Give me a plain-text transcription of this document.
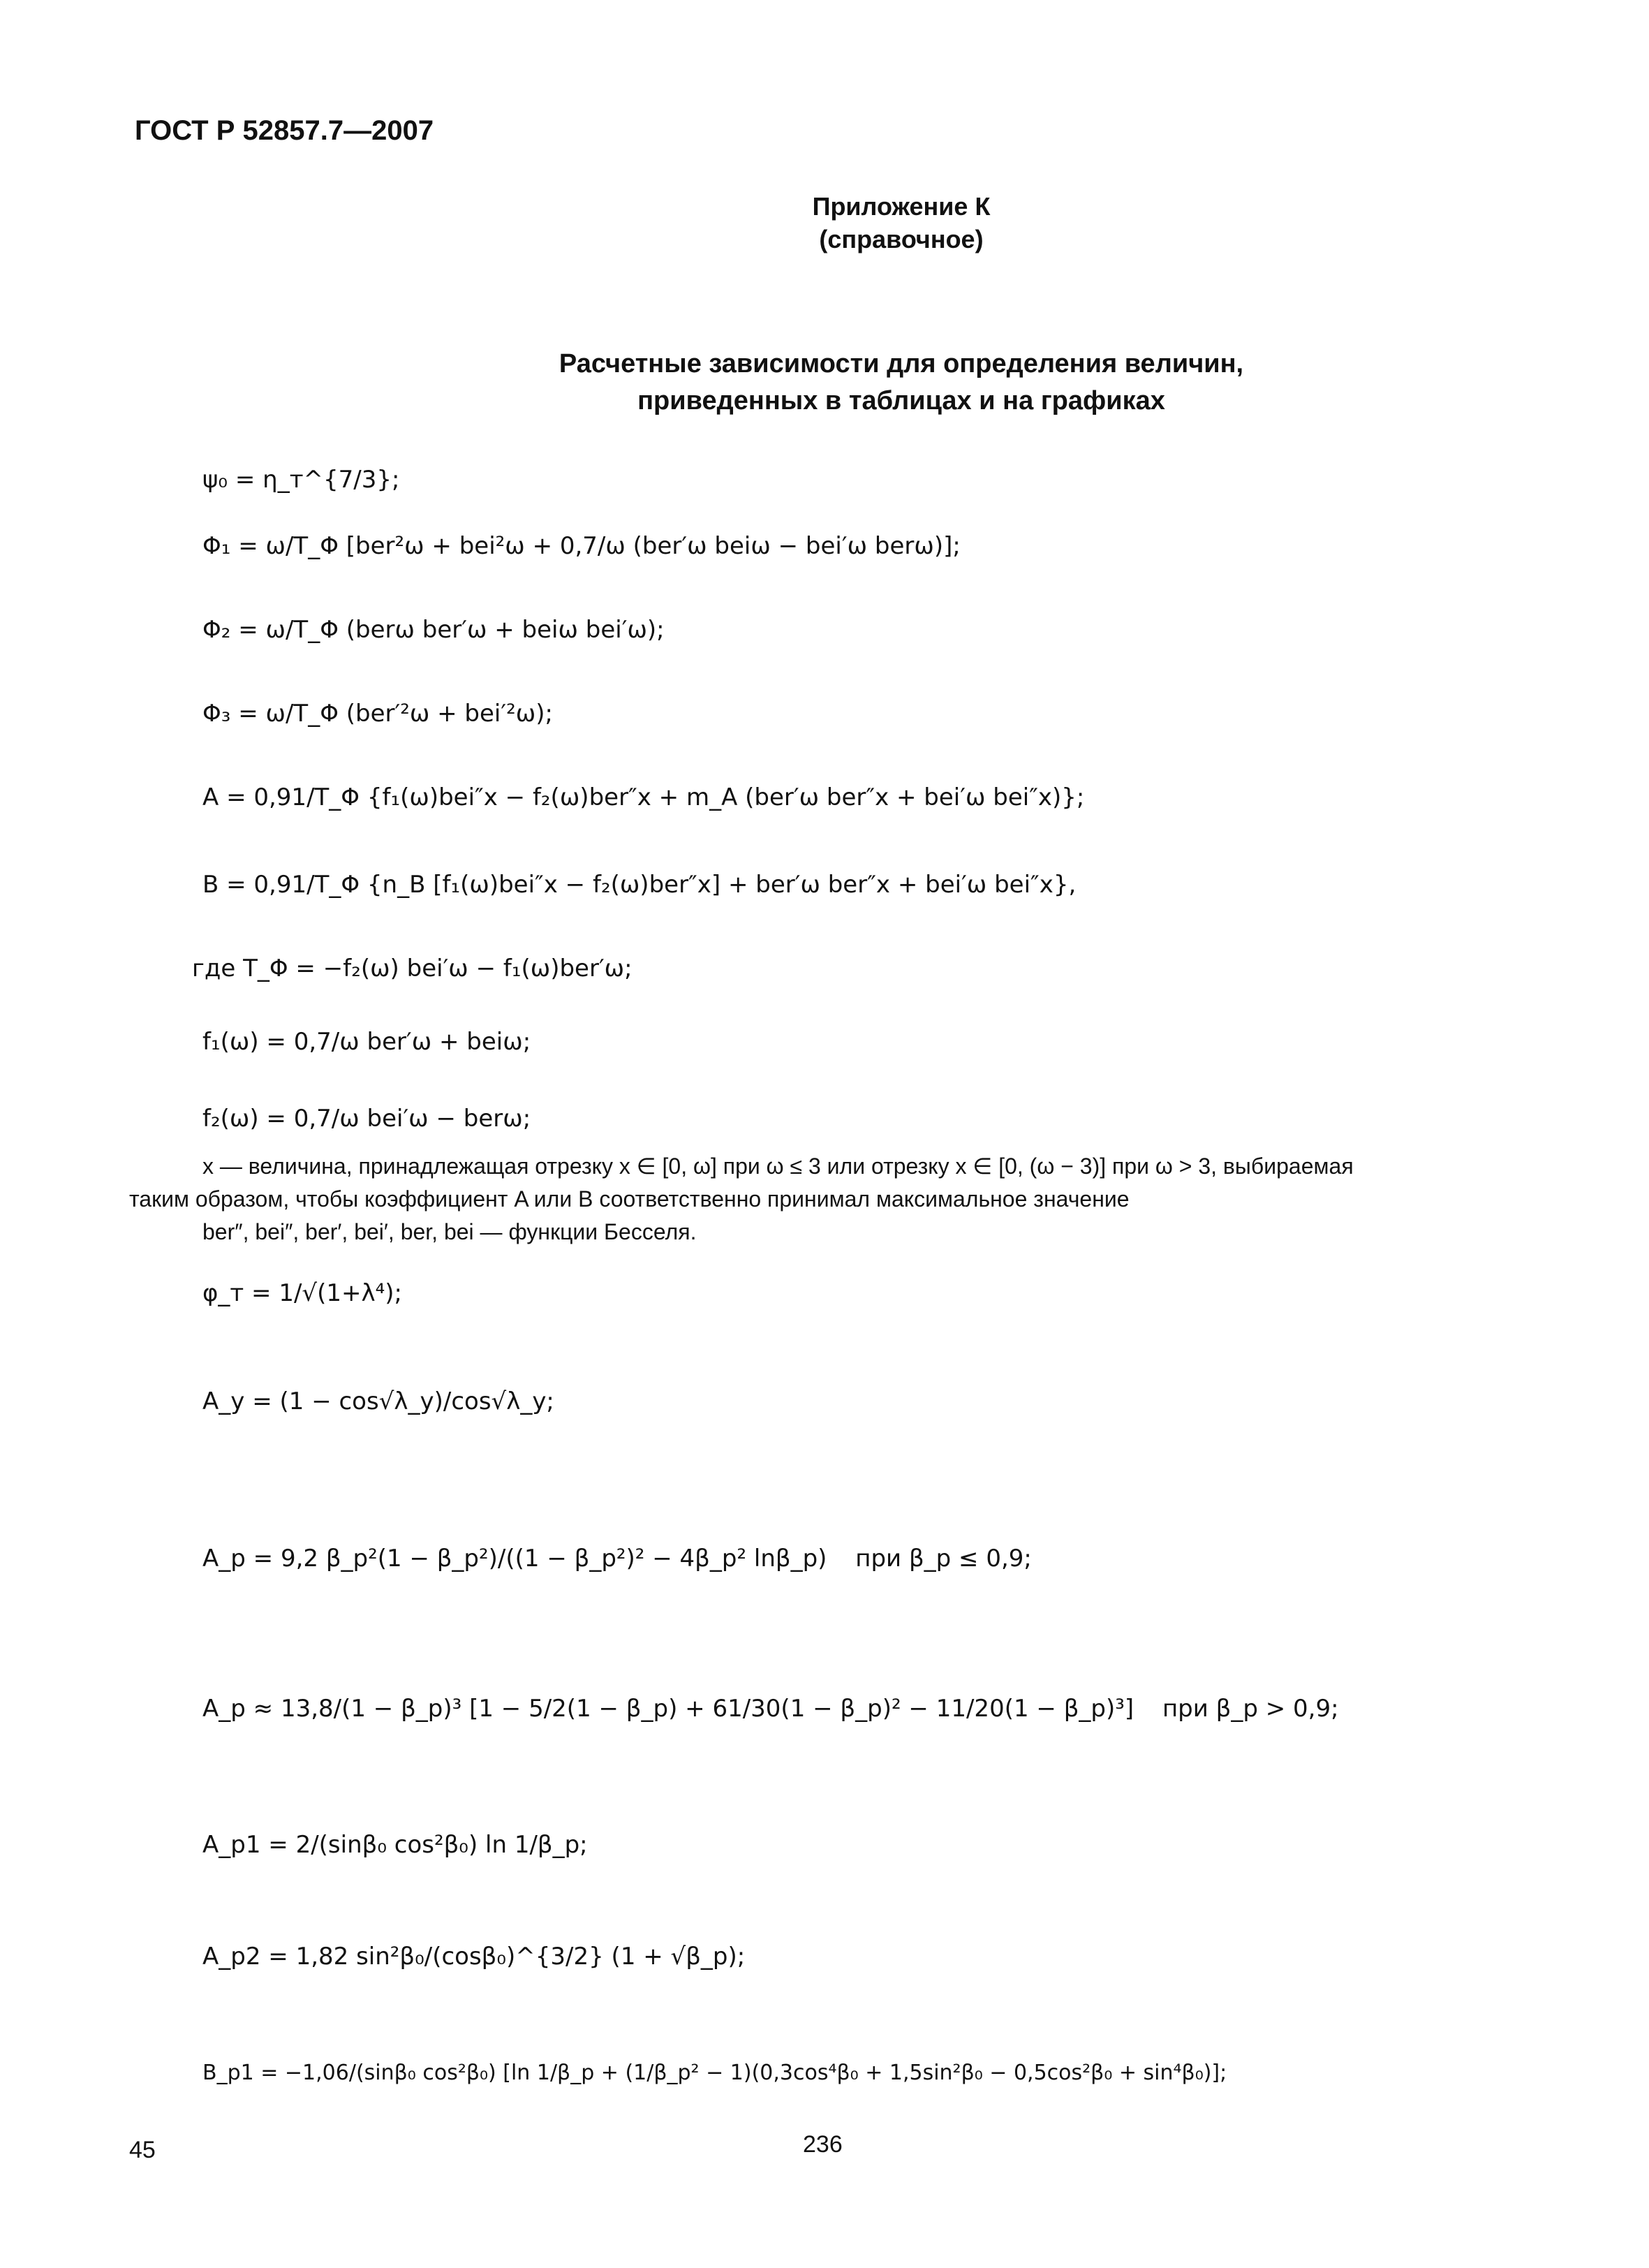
ГОСТ Р 52857.7—2007
Приложение К
(справочное)
Расчетные зависимости для определения величин,
приведенных в таблицах и на графиках
ψ₀ = η_т^{7/3};
Φ₁ = ω/T_Φ [ber²ω + bei²ω + 0,7/ω (ber′ω beiω − bei′ω berω)];
Φ₂ = ω/T_Φ (berω ber′ω + beiω bei′ω);
Φ₃ = ω/T_Φ (ber′²ω + bei′²ω);
A = 0,91/T_Φ {f₁(ω)bei″x − f₂(ω)ber″x + m_A (ber′ω ber″x + bei′ω bei″x)};
B = 0,91/T_Φ {n_B [f₁(ω)bei″x − f₂(ω)ber″x] + ber′ω ber″x + bei′ω bei″x},
где T_Φ = −f₂(ω) bei′ω − f₁(ω)ber′ω;
f₁(ω) = 0,7/ω ber′ω + beiω;
f₂(ω) = 0,7/ω bei′ω − berω;
x — величина, принадлежащая отрезку x ∈ [0, ω] при ω ≤ 3 или отрезку x ∈ [0, (ω − 3)] при ω > 3, выбираемая
таким образом, чтобы коэффициент A или B соответственно принимал максимальное значение
ber″, bei″, ber′, bei′, ber, bei — функции Бесселя.
φ_т = 1/√(1+λ⁴);
A_y = (1 − cos√λ_y)/cos√λ_y;
A_p = 9,2 β_p²(1 − β_p²)/((1 − β_p²)² − 4β_p² lnβ_p) при β_p ≤ 0,9;
A_p ≈ 13,8/(1 − β_p)³ [1 − 5/2(1 − β_p) + 61/30(1 − β_p)² − 11/20(1 − β_p)³] при β_p > 0,9;
A_p1 = 2/(sinβ₀ cos²β₀) ln 1/β_p;
A_p2 = 1,82 sin²β₀/(cosβ₀)^{3/2} (1 + √β_p);
B_p1 = −1,06/(sinβ₀ cos²β₀) [ln 1/β_p + (1/β_p² − 1)(0,3cos⁴β₀ + 1,5sin²β₀ − 0,5cos²β₀ + sin⁴β₀)];
45	236
